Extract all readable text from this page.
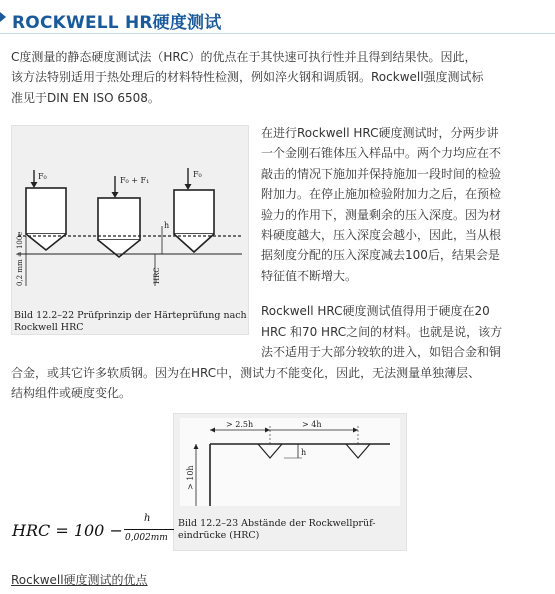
ROCKWELL HR硬度测试
C度测量的静态硬度测试法（HRC）的优点在于其快速可执行性并且得到结果快。因此，
该方法特别适用于热处理后的材料特性检测，例如淬火钢和调质钢。Rockwell强度测试标
准见于DIN EN ISO 6508。
F₀	F₀ + F₁
F₀
h
0,2 mm ≙ 100e	HRC
Bild 12.2–22 Prüfprinzip der Härteprüfung nach
Rockwell HRC
在进行Rockwell HRC硬度测试时，分两步讲
一个金刚石锥体压入样品中。两个力均应在不
敲击的情况下施加并保持施加一段时间的检验
附加力。在停止施加检验附加力之后，在预检
验力的作用下，测量剩余的压入深度。因为材
料硬度越大，压入深度会越小，因此，当从根
据刻度分配的压入深度减去100后，结果会是
特征值不断增大。
Rockwell HRC硬度测试值得用于硬度在20
HRC 和70 HRC之间的材料。也就是说，该方
法不适用于大部分较软的进入，如铝合金和铜
合金，或其它许多软质钢。因为在HRC中，测试力不能变化，因此，无法测量单独薄层、
结构组件或硬度变化。
> 2.5h	> 4h
> 10h
h
Bild 12.2–23 Abstände der Rockwellprüf-
eindrücke (HRC)
HRC = 100 −
h
0,002mm
Rockwell硬度测试的优点
